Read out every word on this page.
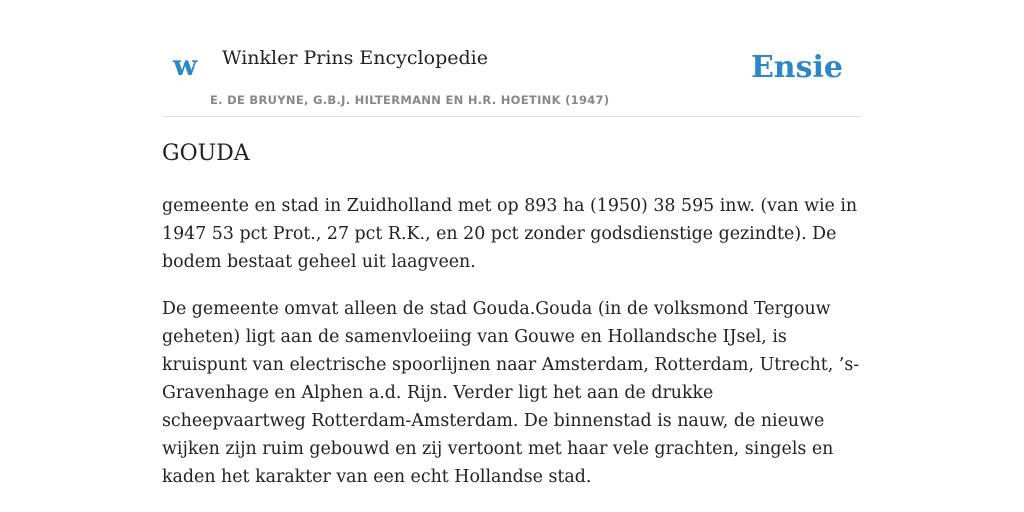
w Winkler Prins Encyclopedie
E. DE BRUYNE, G.B.J. HILTERMANN EN H.R. HOETINK (1947)
Ensie
GOUDA

gemeente en stad in Zuidholland met op 893 ha (1950) 38 595 inw. (van wie in 1947 53 pct Prot., 27 pct R.K., en 20 pct zonder godsdienstige gezindte). De bodem bestaat geheel uit laagveen.

De gemeente omvat alleen de stad Gouda.Gouda (in de volksmond Tergouw geheten) ligt aan de samenvloeiing van Gouwe en Hollandsche IJsel, is kruispunt van electrische spoorlijnen naar Amsterdam, Rotterdam, Utrecht, ’s-Gravenhage en Alphen a.d. Rijn. Verder ligt het aan de drukke scheepvaartweg Rotterdam-Amsterdam. De binnenstad is nauw, de nieuwe wijken zijn ruim gebouwd en zij vertoont met haar vele grachten, singels en kaden het karakter van een echt Hollandse stad.
